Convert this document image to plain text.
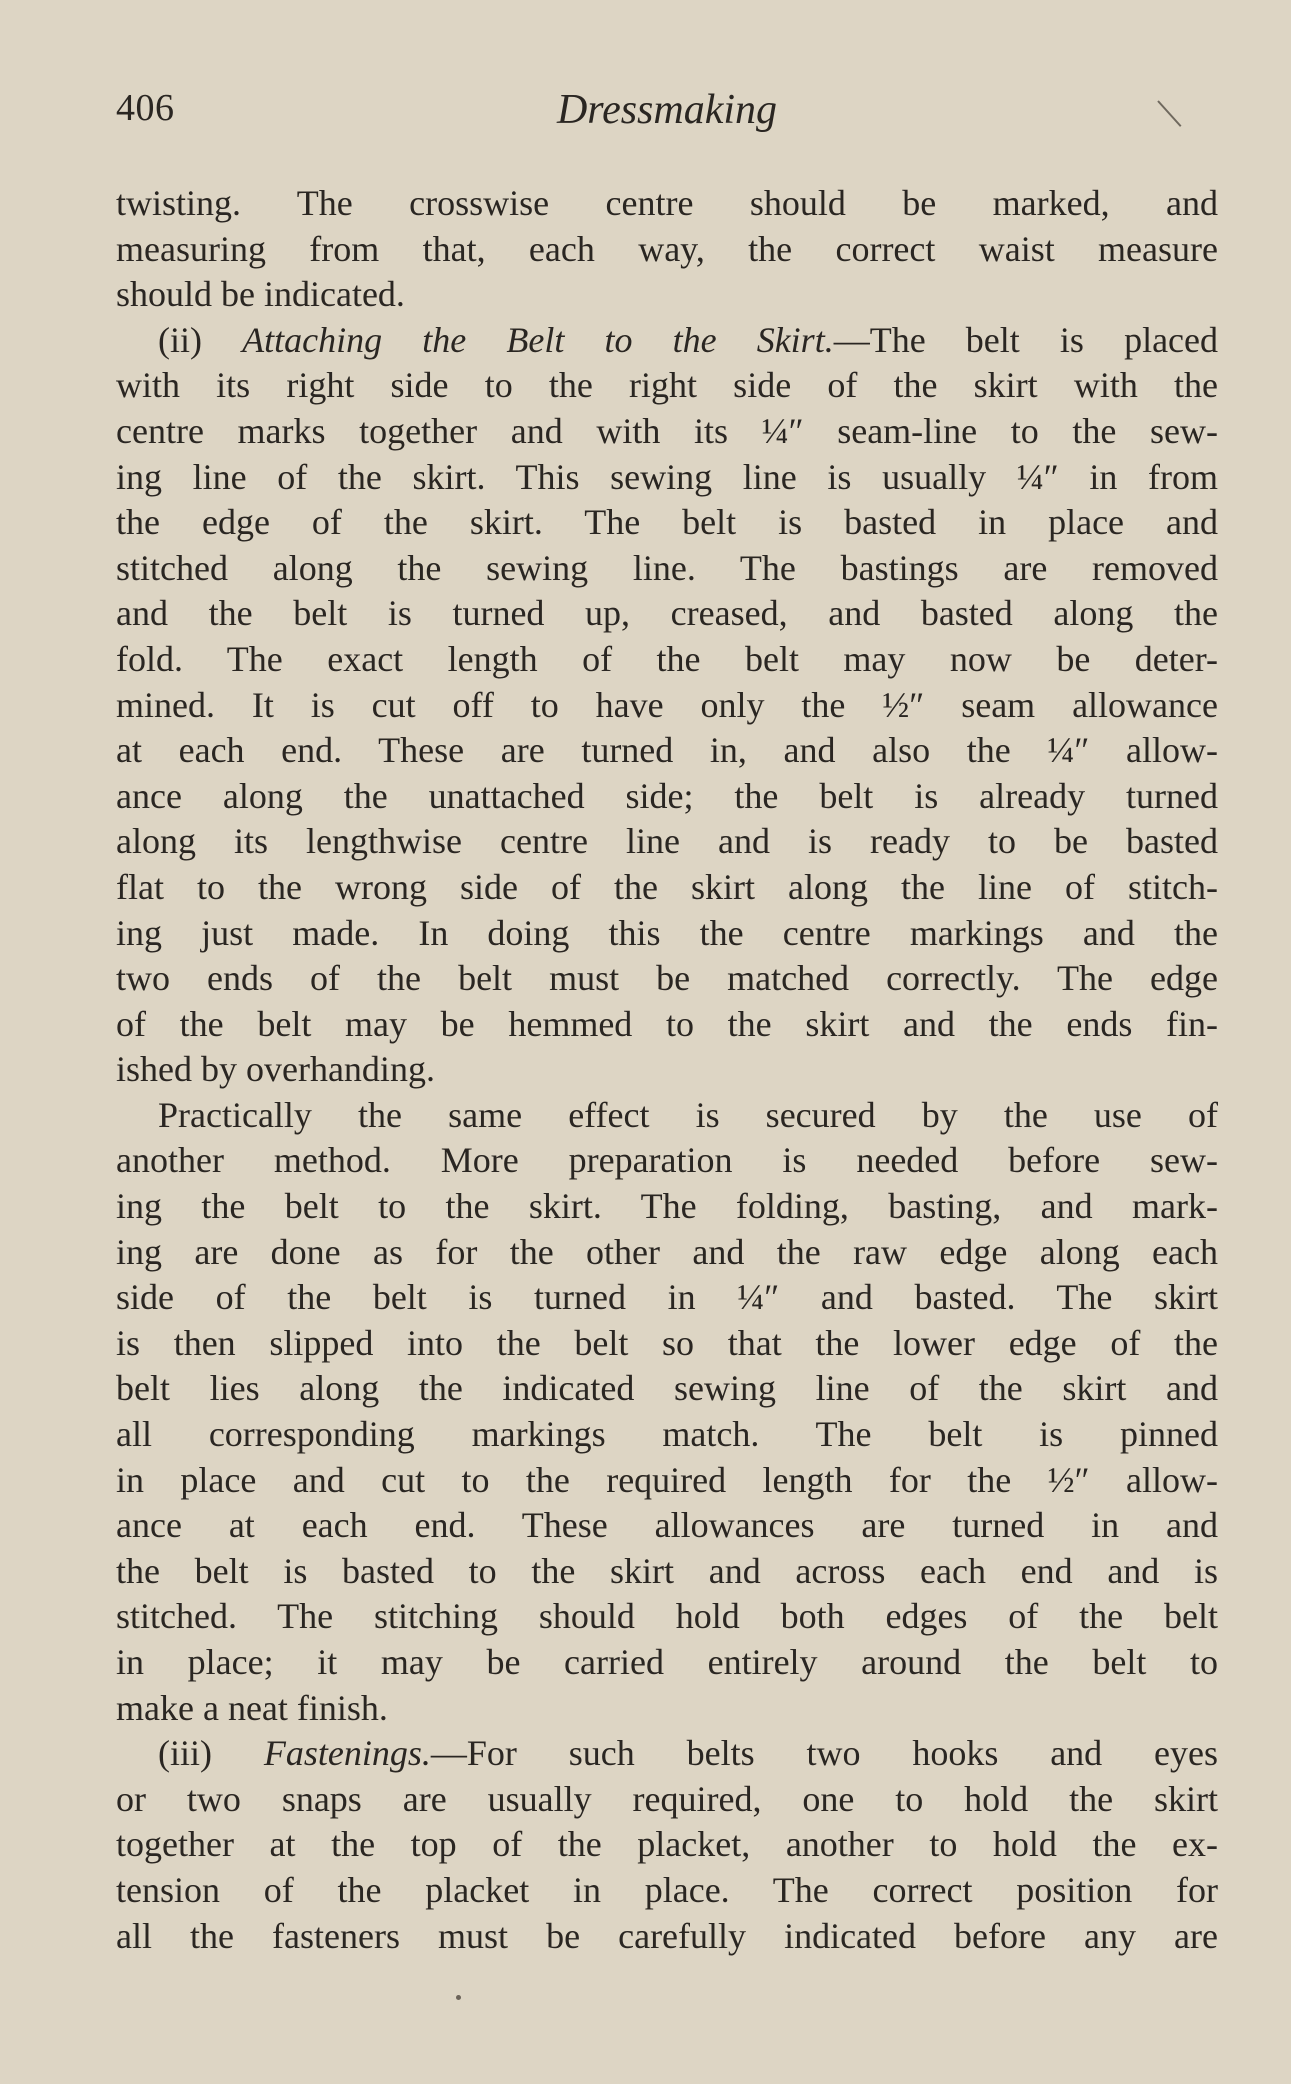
406	Dressmaking
twisting. The crosswise centre should be marked, and
measuring from that, each way, the correct waist measure
should be indicated.
(ii) Attaching the Belt to the Skirt.—The belt is placed
with its right side to the right side of the skirt with the
centre marks together and with its ¼″ seam-line to the sew-
ing line of the skirt. This sewing line is usually ¼″ in from
the edge of the skirt. The belt is basted in place and
stitched along the sewing line. The bastings are removed
and the belt is turned up, creased, and basted along the
fold. The exact length of the belt may now be deter-
mined. It is cut off to have only the ½″ seam allowance
at each end. These are turned in, and also the ¼″ allow-
ance along the unattached side; the belt is already turned
along its lengthwise centre line and is ready to be basted
flat to the wrong side of the skirt along the line of stitch-
ing just made. In doing this the centre markings and the
two ends of the belt must be matched correctly. The edge
of the belt may be hemmed to the skirt and the ends fin-
ished by overhanding.
Practically the same effect is secured by the use of
another method. More preparation is needed before sew-
ing the belt to the skirt. The folding, basting, and mark-
ing are done as for the other and the raw edge along each
side of the belt is turned in ¼″ and basted. The skirt
is then slipped into the belt so that the lower edge of the
belt lies along the indicated sewing line of the skirt and
all corresponding markings match. The belt is pinned
in place and cut to the required length for the ½″ allow-
ance at each end. These allowances are turned in and
the belt is basted to the skirt and across each end and is
stitched. The stitching should hold both edges of the belt
in place; it may be carried entirely around the belt to
make a neat finish.
(iii) Fastenings.—For such belts two hooks and eyes
or two snaps are usually required, one to hold the skirt
together at the top of the placket, another to hold the ex-
tension of the placket in place. The correct position for
all the fasteners must be carefully indicated before any are
